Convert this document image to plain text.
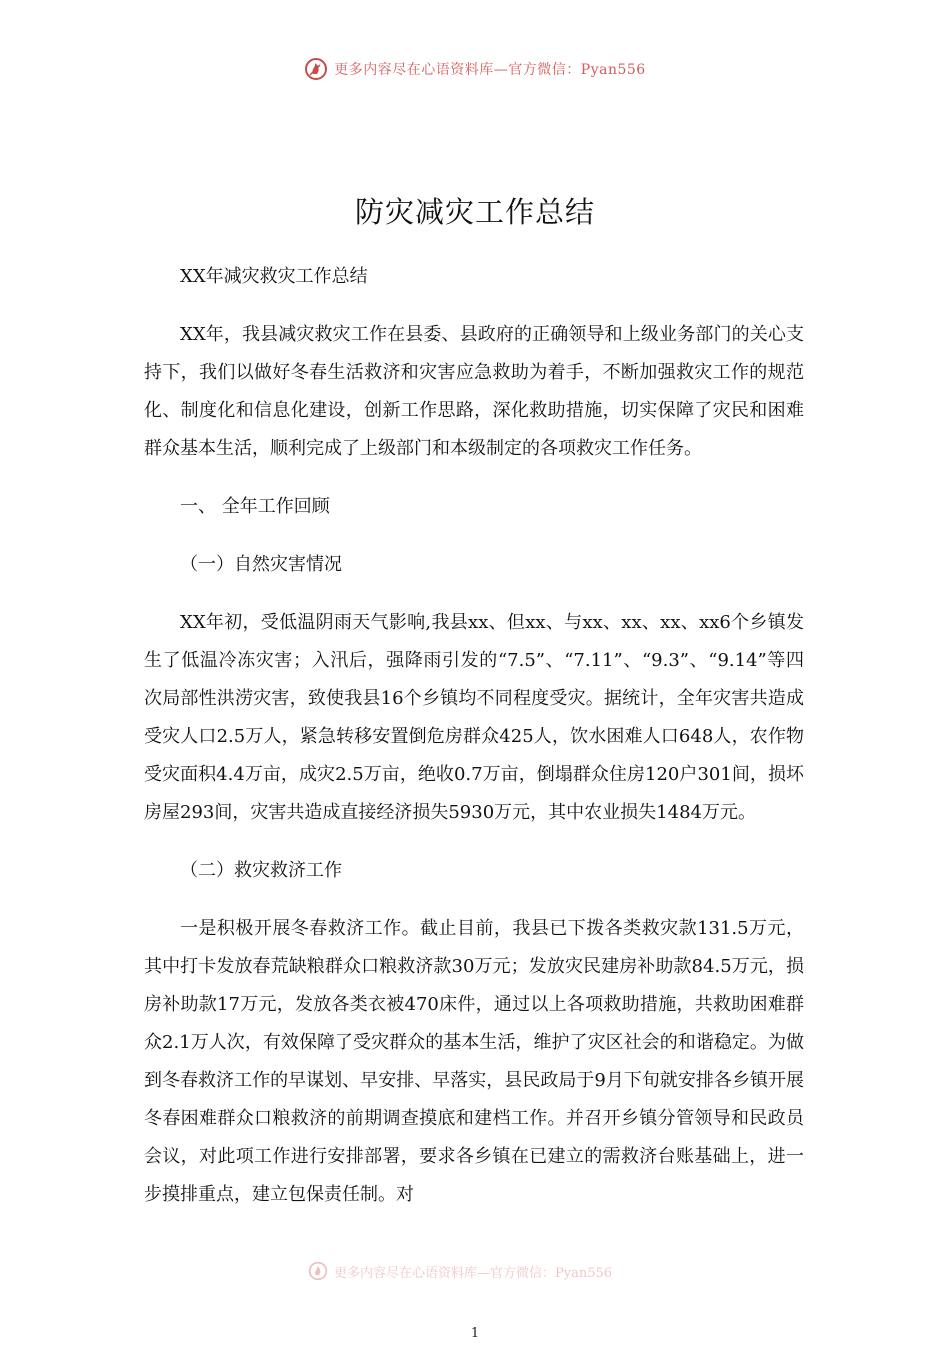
更多内容尽在心语资料库—官方微信：Pyan556
防灾减灾工作总结

XX年减灾救灾工作总结

XX年，我县减灾救灾工作在县委、县政府的正确领导和上级业务部门的关心支持下，我们以做好冬春生活救济和灾害应急救助为着手，不断加强救灾工作的规范化、制度化和信息化建设，创新工作思路，深化救助措施，切实保障了灾民和困难群众基本生活，顺利完成了上级部门和本级制定的各项救灾工作任务。

一、 全年工作回顾

（一）自然灾害情况

XX年初，受低温阴雨天气影响,我县xx、但xx、与xx、xx、xx、xx6个乡镇发生了低温冷冻灾害；入汛后，强降雨引发的“7.5”、“7.11”、“9.3”、“9.14”等四次局部性洪涝灾害，致使我县16个乡镇均不同程度受灾。据统计，全年灾害共造成受灾人口2.5万人，紧急转移安置倒危房群众425人，饮水困难人口648人，农作物受灾面积4.4万亩，成灾2.5万亩，绝收0.7万亩，倒塌群众住房120户301间，损坏房屋293间，灾害共造成直接经济损失5930万元，其中农业损失1484万元。

（二）救灾救济工作

一是积极开展冬春救济工作。截止目前，我县已下拨各类救灾款131.5万元，其中打卡发放春荒缺粮群众口粮救济款30万元；发放灾民建房补助款84.5万元，损房补助款17万元，发放各类衣被470床件，通过以上各项救助措施，共救助困难群众2.1万人次，有效保障了受灾群众的基本生活，维护了灾区社会的和谐稳定。为做到冬春救济工作的早谋划、早安排、早落实，县民政局于9月下旬就安排各乡镇开展冬春困难群众口粮救济的前期调查摸底和建档工作。并召开乡镇分管领导和民政员会议，对此项工作进行安排部署，要求各乡镇在已建立的需救济台账基础上，进一步摸排重点，建立包保责任制。对

更多内容尽在心语资料库—官方微信：Pyan556
1
